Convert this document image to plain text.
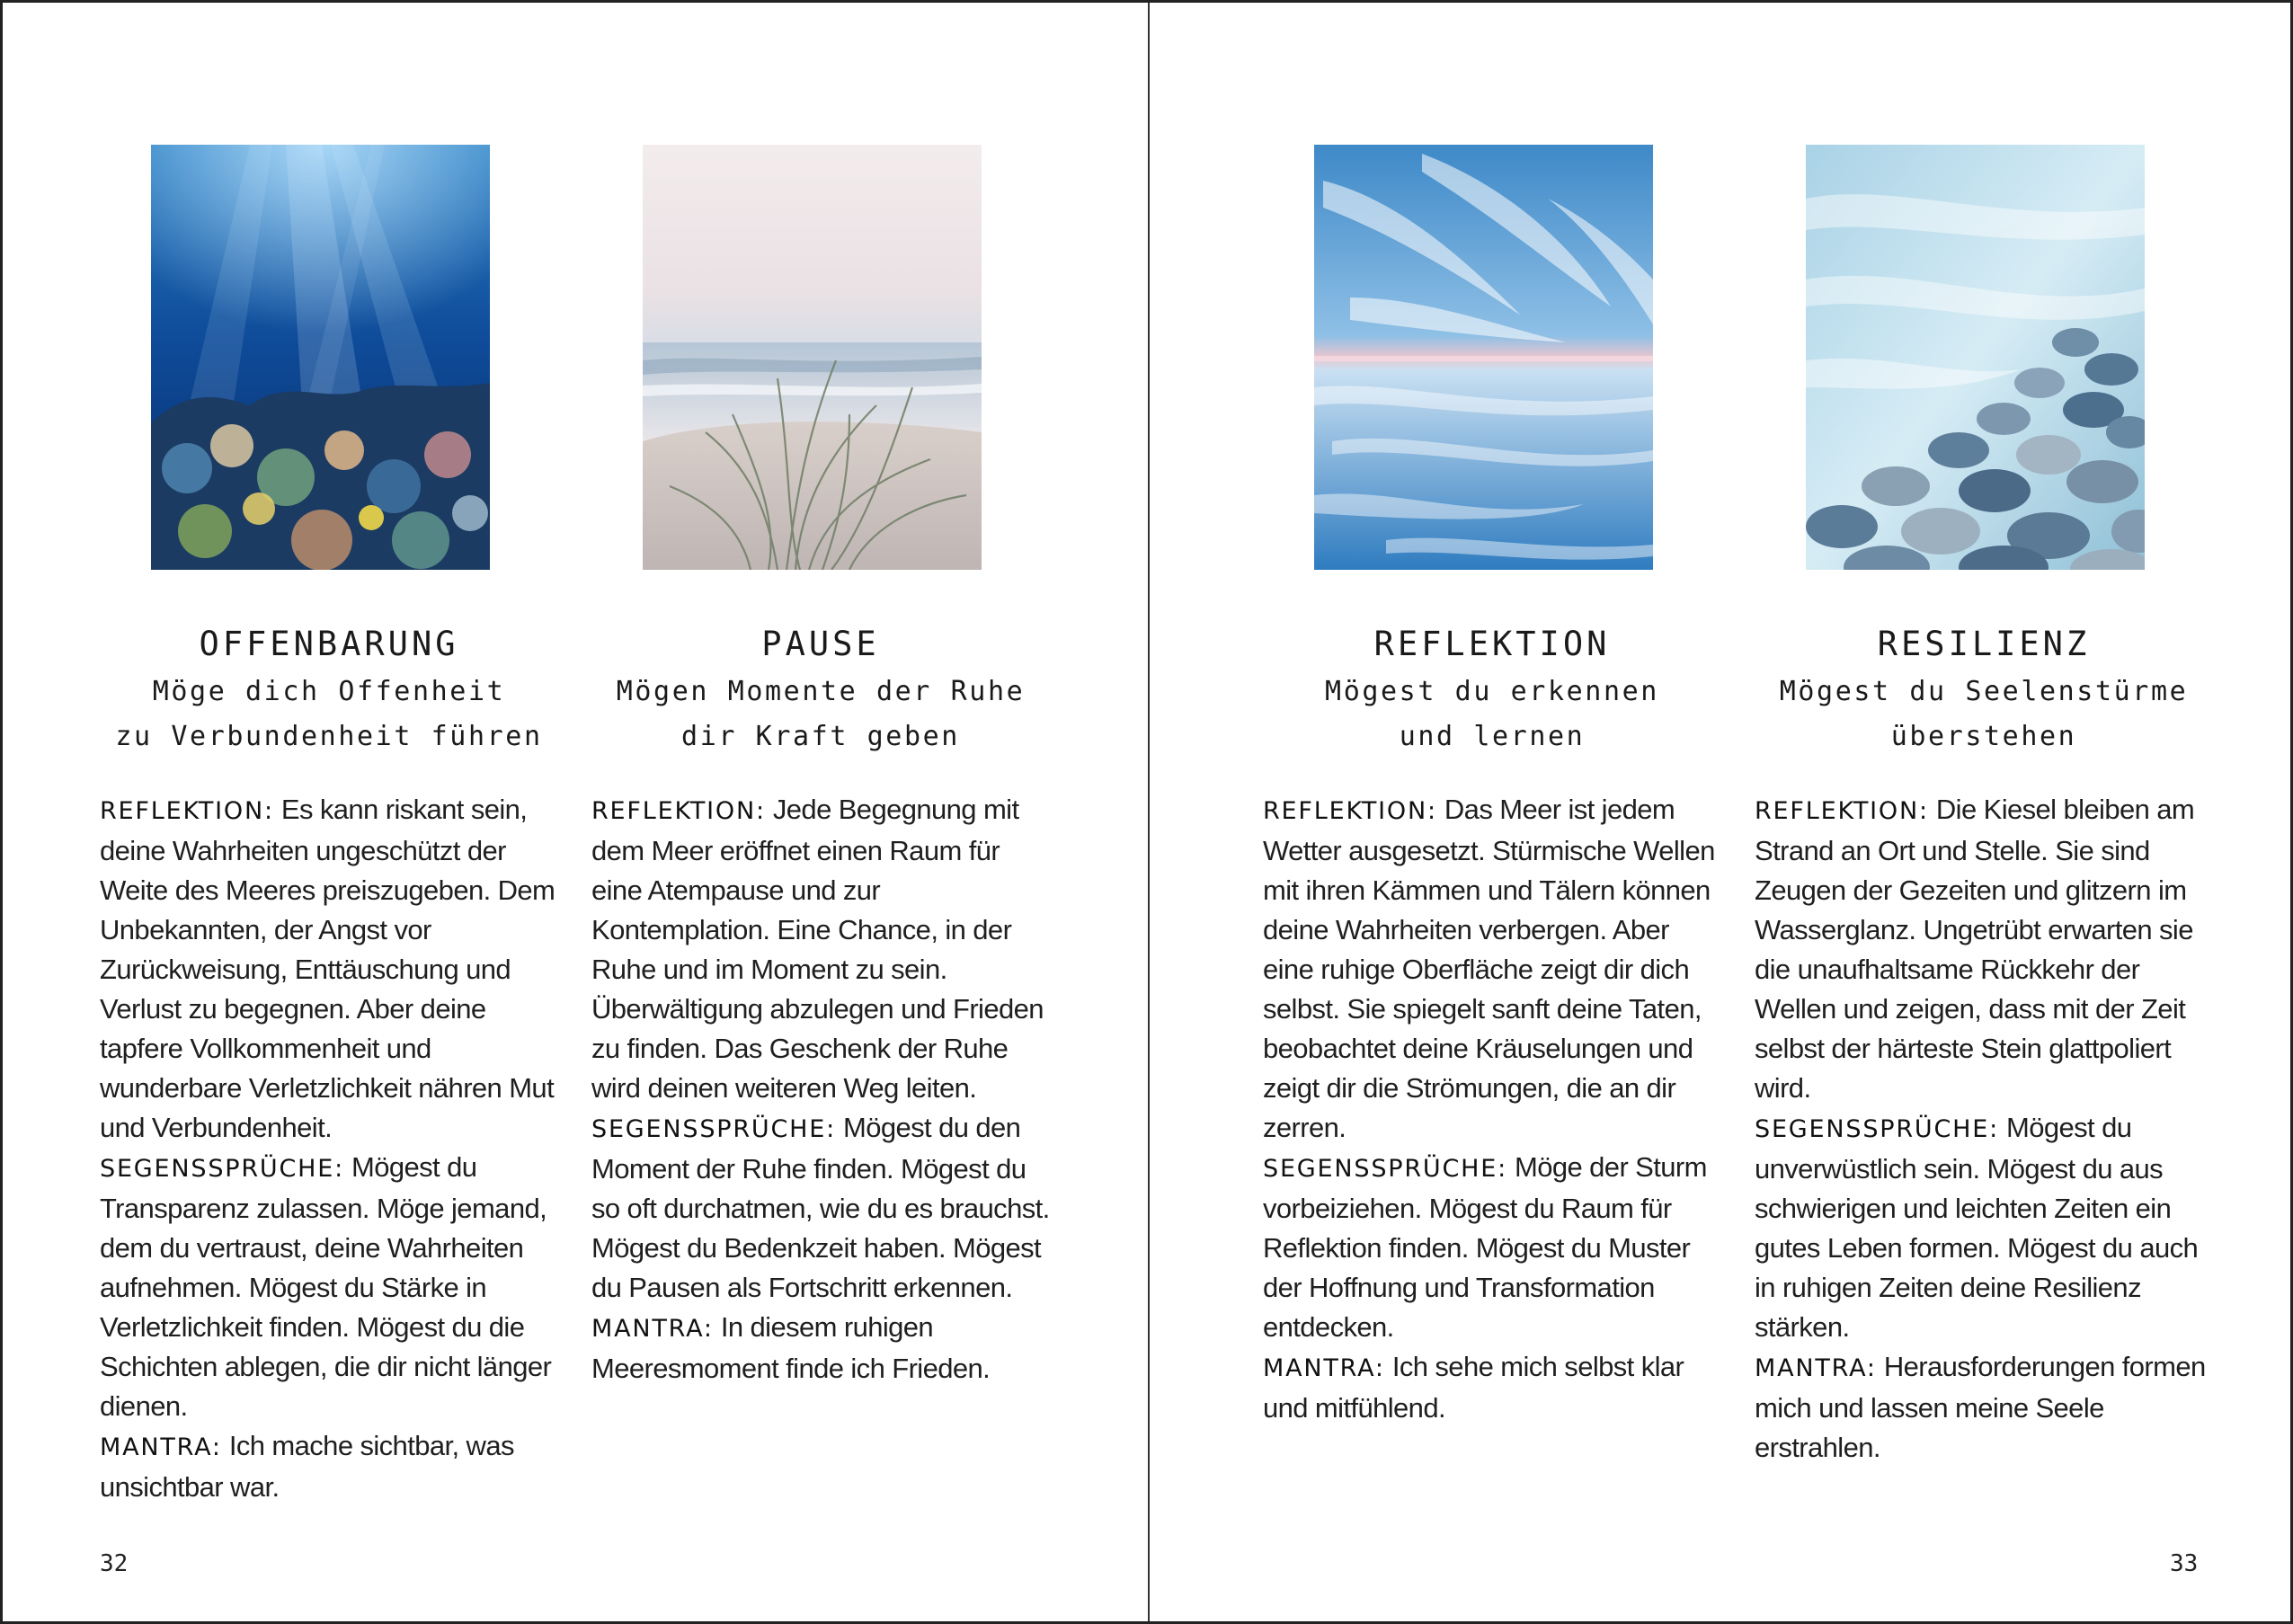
OFFENBARUNG
Möge dich Offenheit
zu Verbundenheit führen
REFLEKTION: Es kann riskant sein, deine Wahrheiten ungeschützt der Weite des Meeres preiszugeben. Dem Unbekannten, der Angst vor Zurückweisung, Enttäuschung und Verlust zu begegnen. Aber deine tapfere Vollkommenheit und wunderbare Verletzlichkeit nähren Mut und Verbundenheit.
SEGENSSPRÜCHE: Mögest du Transparenz zulassen. Möge jemand, dem du vertraust, deine Wahrheiten aufnehmen. Mögest du Stärke in Verletzlichkeit finden. Mögest du die Schichten ablegen, die dir nicht länger dienen.
MANTRA: Ich mache sichtbar, was unsichtbar war.
PAUSE
Mögen Momente der Ruhe
dir Kraft geben
REFLEKTION: Jede Begegnung mit dem Meer eröffnet einen Raum für eine Atempause und zur Kontemplation. Eine Chance, in der Ruhe und im Moment zu sein. Überwältigung abzulegen und Frieden zu finden. Das Geschenk der Ruhe wird deinen weiteren Weg leiten.
SEGENSSPRÜCHE: Mögest du den Moment der Ruhe finden. Mögest du so oft durchatmen, wie du es brauchst. Mögest du Bedenkzeit haben. Mögest du Pausen als Fortschritt erkennen.
MANTRA: In diesem ruhigen Meeresmoment finde ich Frieden.
32
REFLEKTION
Mögest du erkennen
und lernen
REFLEKTION: Das Meer ist jedem Wetter ausgesetzt. Stürmische Wellen mit ihren Kämmen und Tälern können deine Wahrheiten verbergen. Aber eine ruhige Oberfläche zeigt dir dich selbst. Sie spiegelt sanft deine Taten, beobachtet deine Kräuselungen und zeigt dir die Strömungen, die an dir zerren.
SEGENSSPRÜCHE: Möge der Sturm vorbeiziehen. Mögest du Raum für Reflektion finden. Mögest du Muster der Hoffnung und Transformation entdecken.
MANTRA: Ich sehe mich selbst klar und mitfühlend.
RESILIENZ
Mögest du Seelenstürme
überstehen
REFLEKTION: Die Kiesel bleiben am Strand an Ort und Stelle. Sie sind Zeugen der Gezeiten und glitzern im Wasserglanz. Ungetrübt erwarten sie die unaufhaltsame Rückkehr der Wellen und zeigen, dass mit der Zeit selbst der härteste Stein glattpoliert wird.
SEGENSSPRÜCHE: Mögest du unverwüstlich sein. Mögest du aus schwierigen und leichten Zeiten ein gutes Leben formen. Mögest du auch in ruhigen Zeiten deine Resilienz stärken.
MANTRA: Herausforderungen formen mich und lassen meine Seele erstrahlen.
33
